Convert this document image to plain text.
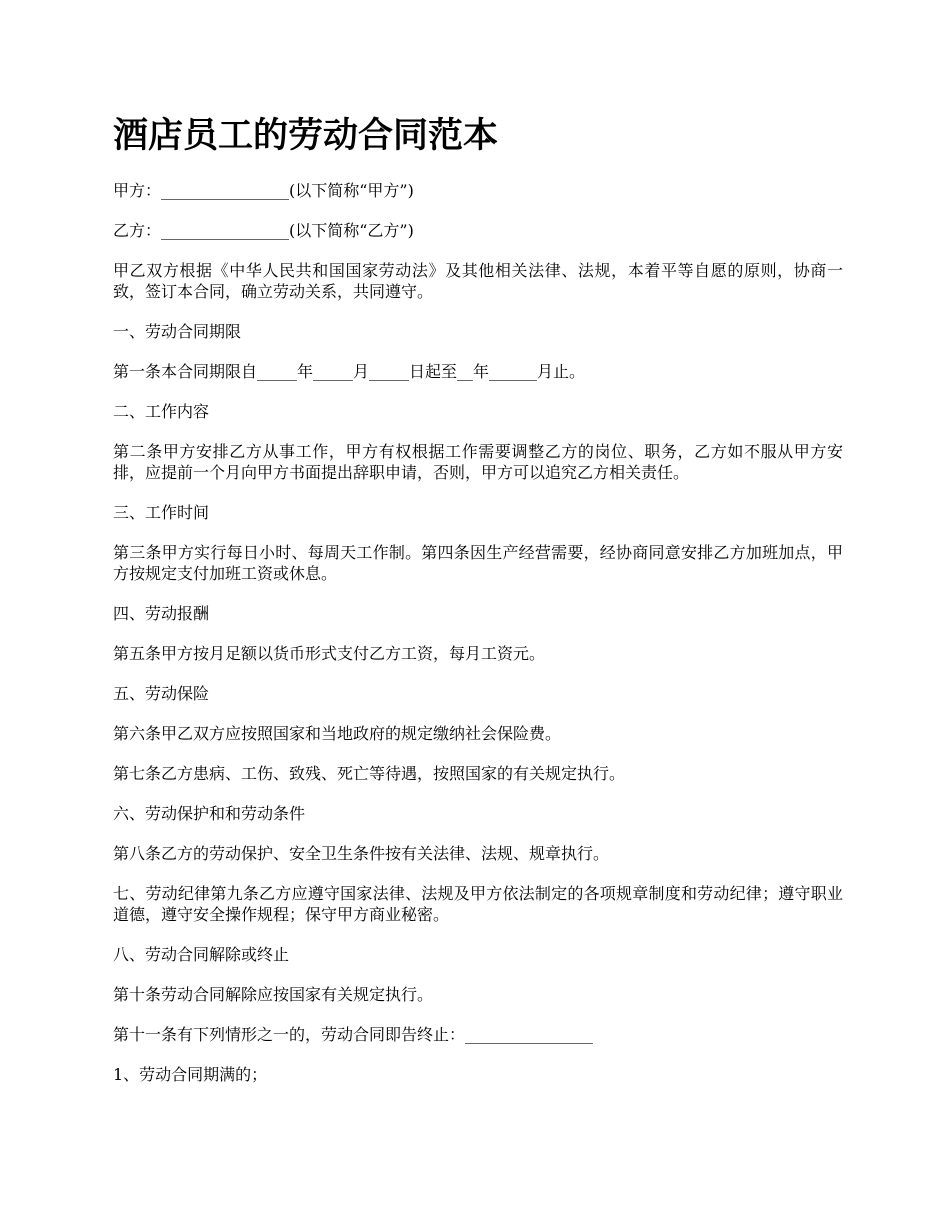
酒店员工的劳动合同范本

甲方：________________(以下简称“甲方”)

乙方：________________(以下简称“乙方”)

甲乙双方根据《中华人民共和国国家劳动法》及其他相关法律、法规，本着平等自愿的原则，协商一致，签订本合同，确立劳动关系，共同遵守。

一、劳动合同期限

第一条本合同期限自_____年_____月_____日起至__年______月止。

二、工作内容

第二条甲方安排乙方从事工作，甲方有权根据工作需要调整乙方的岗位、职务，乙方如不服从甲方安排，应提前一个月向甲方书面提出辞职申请，否则，甲方可以追究乙方相关责任。

三、工作时间

第三条甲方实行每日小时、每周天工作制。第四条因生产经营需要，经协商同意安排乙方加班加点，甲方按规定支付加班工资或休息。

四、劳动报酬

第五条甲方按月足额以货币形式支付乙方工资，每月工资元。

五、劳动保险

第六条甲乙双方应按照国家和当地政府的规定缴纳社会保险费。

第七条乙方患病、工伤、致残、死亡等待遇，按照国家的有关规定执行。

六、劳动保护和和劳动条件

第八条乙方的劳动保护、安全卫生条件按有关法律、法规、规章执行。

七、劳动纪律第九条乙方应遵守国家法律、法规及甲方依法制定的各项规章制度和劳动纪律；遵守职业道德，遵守安全操作规程；保守甲方商业秘密。

八、劳动合同解除或终止

第十条劳动合同解除应按国家有关规定执行。

第十一条有下列情形之一的，劳动合同即告终止：________________

1、劳动合同期满的；
